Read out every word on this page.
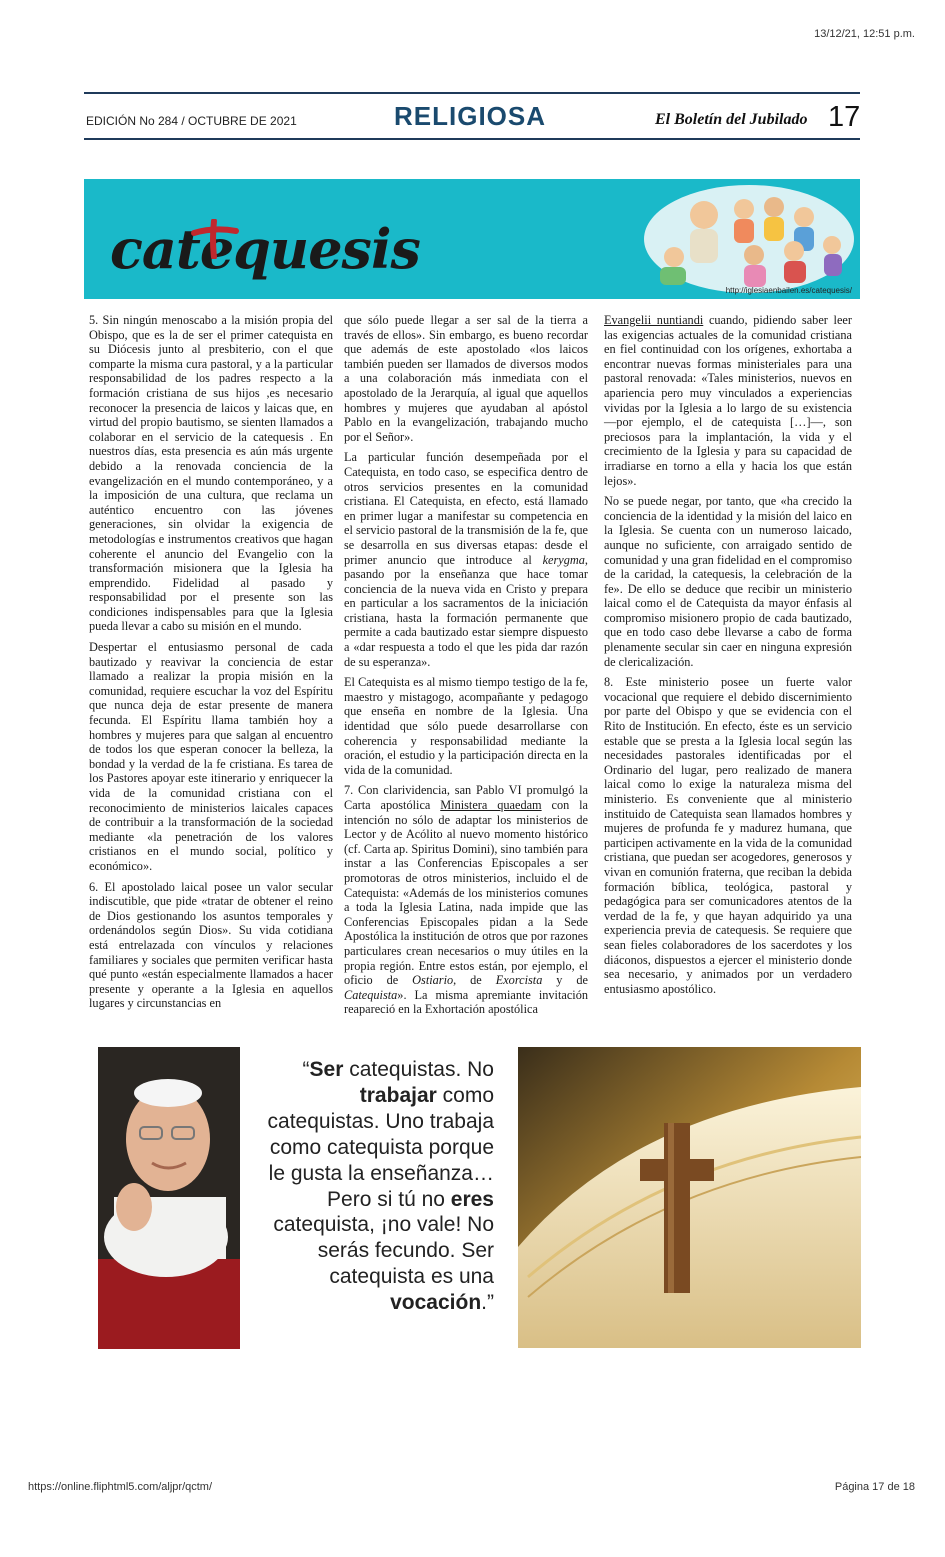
13/12/21, 12:51 p.m.
EDICIÓN No 284 / OCTUBRE DE 2021	RELIGIOSA	El Boletín del Jubilado 17
catequesis
http://iglesiaenbailen.es/catequesis/

5. Sin ningún menoscabo a la misión propia del Obispo, que es la de ser el primer catequista en su Diócesis junto al presbiterio, con el que comparte la misma cura pastoral, y a la particular responsabilidad de los padres respecto a la formación cristiana de sus hijos ,es necesario reconocer la presencia de laicos y laicas que, en virtud del propio bautismo, se sienten llamados a colaborar en el servicio de la catequesis . En nuestros días, esta presencia es aún más urgente debido a la renovada conciencia de la evangelización en el mundo contemporáneo, y a la imposición de una cultura, que reclama un auténtico encuentro con las jóvenes generaciones, sin olvidar la exigencia de metodologías e instrumentos creativos que hagan coherente el anuncio del Evangelio con la transformación misionera que la Iglesia ha emprendido. Fidelidad al pasado y responsabilidad por el presente son las condiciones indispensables para que la Iglesia pueda llevar a cabo su misión en el mundo.

Despertar el entusiasmo personal de cada bautizado y reavivar la conciencia de estar llamado a realizar la propia misión en la comunidad, requiere escuchar la voz del Espíritu que nunca deja de estar presente de manera fecunda. El Espíritu llama también hoy a hombres y mujeres para que salgan al encuentro de todos los que esperan conocer la belleza, la bondad y la verdad de la fe cristiana. Es tarea de los Pastores apoyar este itinerario y enriquecer la vida de la comunidad cristiana con el reconocimiento de ministerios laicales capaces de contribuir a la transformación de la sociedad mediante «la penetración de los valores cristianos en el mundo social, político y económico».

6. El apostolado laical posee un valor secular indiscutible, que pide «tratar de obtener el reino de Dios gestionando los asuntos temporales y ordenándolos según Dios». Su vida cotidiana está entrelazada con vínculos y relaciones familiares y sociales que permiten verificar hasta qué punto «están especialmente llamados a hacer presente y operante a la Iglesia en aquellos lugares y circunstancias en

que sólo puede llegar a ser sal de la tierra a través de ellos». Sin embargo, es bueno recordar que además de este apostolado «los laicos también pueden ser llamados de diversos modos a una colaboración más inmediata con el apostolado de la Jerarquía, al igual que aquellos hombres y mujeres que ayudaban al apóstol Pablo en la evangelización, trabajando mucho por el Señor».

La particular función desempeñada por el Catequista, en todo caso, se especifica dentro de otros servicios presentes en la comunidad cristiana. El Catequista, en efecto, está llamado en primer lugar a manifestar su competencia en el servicio pastoral de la transmisión de la fe, que se desarrolla en sus diversas etapas: desde el primer anuncio que introduce al kerygma, pasando por la enseñanza que hace tomar conciencia de la nueva vida en Cristo y prepara en particular a los sacramentos de la iniciación cristiana, hasta la formación permanente que permite a cada bautizado estar siempre dispuesto a «dar respuesta a todo el que les pida dar razón de su esperanza».

El Catequista es al mismo tiempo testigo de la fe, maestro y mistagogo, acompañante y pedagogo que enseña en nombre de la Iglesia. Una identidad que sólo puede desarrollarse con coherencia y responsabilidad mediante la oración, el estudio y la participación directa en la vida de la comunidad.

7. Con clarividencia, san Pablo VI promulgó la Carta apostólica Ministera quaedam con la intención no sólo de adaptar los ministerios de Lector y de Acólito al nuevo momento histórico (cf. Carta ap. Spiritus Domini), sino también para instar a las Conferencias Episcopales a ser promotoras de otros ministerios, incluido el de Catequista: «Además de los ministerios comunes a toda la Iglesia Latina, nada impide que las Conferencias Episcopales pidan a la Sede Apostólica la institución de otros que por razones particulares crean necesarios o muy útiles en la propia región. Entre estos están, por ejemplo, el oficio de Ostiario, de Exorcista y de Catequista». La misma apremiante invitación reapareció en la Exhortación apostólica

Evangelii nuntiandi cuando, pidiendo saber leer las exigencias actuales de la comunidad cristiana en fiel continuidad con los orígenes, exhortaba a encontrar nuevas formas ministeriales para una pastoral renovada: «Tales ministerios, nuevos en apariencia pero muy vinculados a experiencias vividas por la Iglesia a lo largo de su existencia —por ejemplo, el de catequista […]—, son preciosos para la implantación, la vida y el crecimiento de la Iglesia y para su capacidad de irradiarse en torno a ella y hacia los que están lejos».

No se puede negar, por tanto, que «ha crecido la conciencia de la identidad y la misión del laico en la Iglesia. Se cuenta con un numeroso laicado, aunque no suficiente, con arraigado sentido de comunidad y una gran fidelidad en el compromiso de la caridad, la catequesis, la celebración de la fe». De ello se deduce que recibir un ministerio laical como el de Catequista da mayor énfasis al compromiso misionero propio de cada bautizado, que en todo caso debe llevarse a cabo de forma plenamente secular sin caer en ninguna expresión de clericalización.

8. Este ministerio posee un fuerte valor vocacional que requiere el debido discernimiento por parte del Obispo y que se evidencia con el Rito de Institución. En efecto, éste es un servicio estable que se presta a la Iglesia local según las necesidades pastorales identificadas por el Ordinario del lugar, pero realizado de manera laical como lo exige la naturaleza misma del ministerio. Es conveniente que al ministerio instituido de Catequista sean llamados hombres y mujeres de profunda fe y madurez humana, que participen activamente en la vida de la comunidad cristiana, que puedan ser acogedores, generosos y vivan en comunión fraterna, que reciban la debida formación bíblica, teológica, pastoral y pedagógica para ser comunicadores atentos de la verdad de la fe, y que hayan adquirido ya una experiencia previa de catequesis. Se requiere que sean fieles colaboradores de los sacerdotes y los diáconos, dispuestos a ejercer el ministerio donde sea necesario, y animados por un verdadero entusiasmo apostólico.

“Ser catequistas. No trabajar como catequistas. Uno trabaja como catequista porque le gusta la enseñanza… Pero si tú no eres catequista, ¡no vale! No serás fecundo. Ser catequista es una vocación.”
https://online.fliphtml5.com/aljpr/qctm/	Página 17 de 18
